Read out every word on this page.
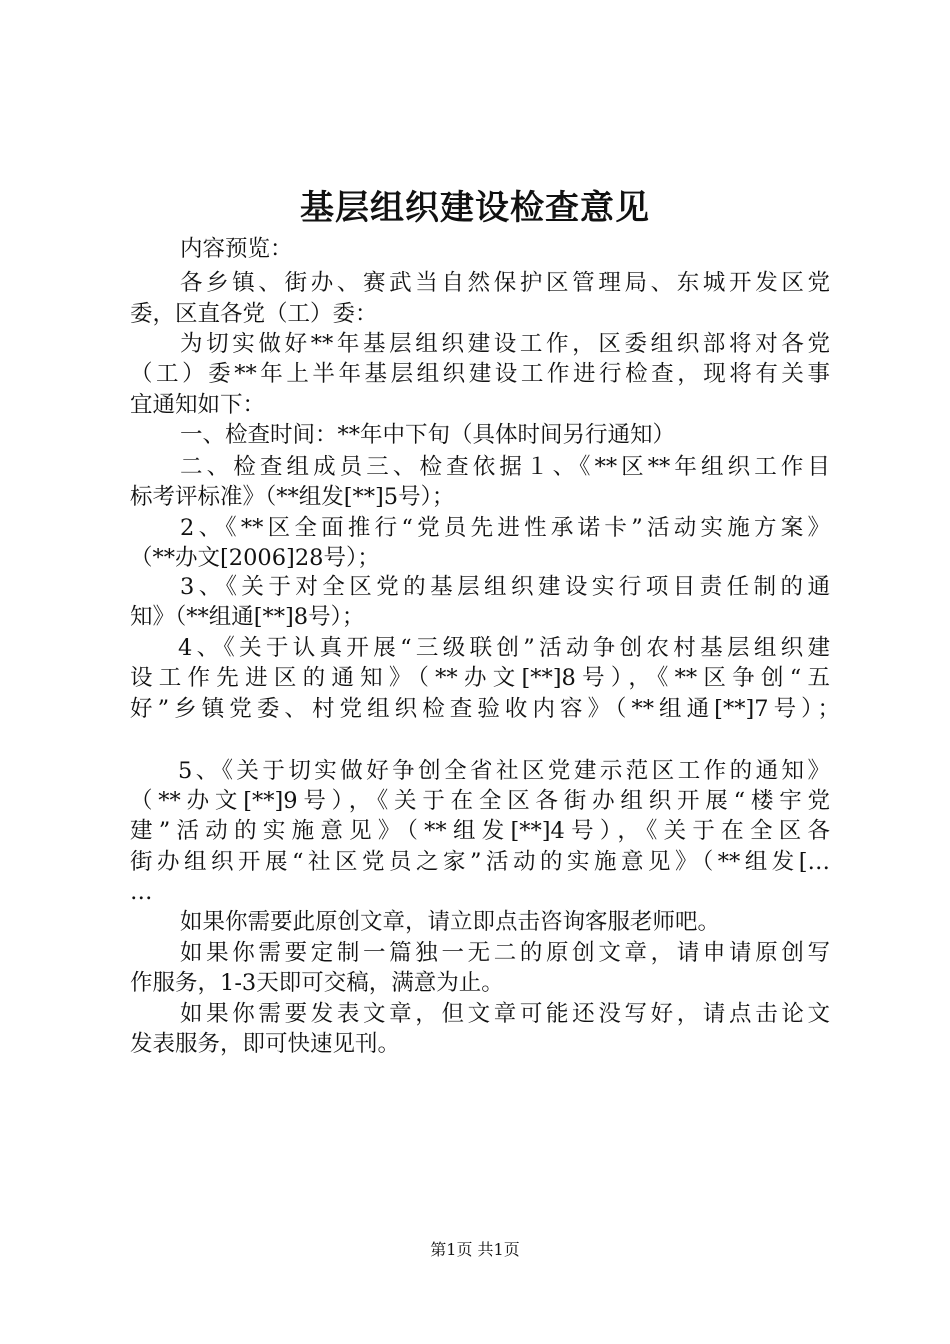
基层组织建设检查意见
内容预览：
各乡镇、街办、赛武当自然保护区管理局、东城开发区党
委，区直各党（工）委：
为切实做好**年基层组织建设工作，区委组织部将对各党
（工）委**年上半年基层组织建设工作进行检查，现将有关事
宜通知如下：
一、检查时间：**年中下旬（具体时间另行通知）
二、检查组成员三、检查依据１、《**区**年组织工作目
标考评标准》（**组发[**]5号）；
2、《**区全面推行“党员先进性承诺卡”活动实施方案》
（**办文[2006]28号）；
3、《关于对全区党的基层组织建设实行项目责任制的通
知》（**组通[**]8号）；
4、《关于认真开展“三级联创”活动争创农村基层组织建
设工作先进区的通知》（**办文[**]8号），《**区争创“五
好”乡镇党委、村党组织检查验收内容》（**组通[**]7号）；
5、《关于切实做好争创全省社区党建示范区工作的通知》
（**办文[**]9号），《关于在全区各街办组织开展“楼宇党
建”活动的实施意见》（**组发[**]4号），《关于在全区各
街办组织开展“社区党员之家”活动的实施意见》（**组发[…
…
如果你需要此原创文章，请立即点击咨询客服老师吧。
如果你需要定制一篇独一无二的原创文章，请申请原创写
作服务，1-3天即可交稿，满意为止。
如果你需要发表文章，但文章可能还没写好，请点击论文
发表服务，即可快速见刊。
第1页 共1页
